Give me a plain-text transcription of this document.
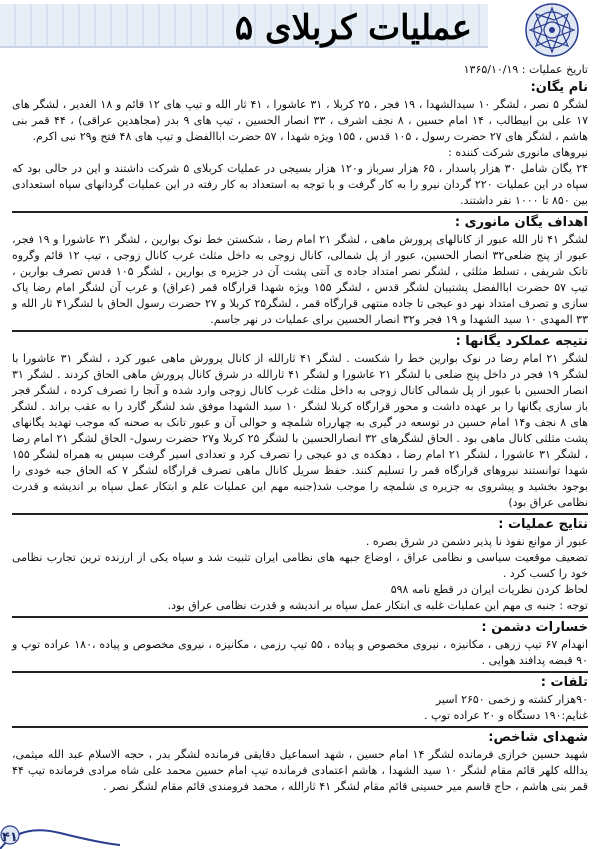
عملیات کربلای ۵
تاریخ عملیات : ۱۳۶۵/۱۰/۱۹
نام یگان:
لشگر ۵ نصر ، لشگر ۱۰ سیدالشهدا ، ۱۹ فجر ، ۲۵ کربلا ، ۳۱ عاشورا ، ۴۱ ثار الله و تیپ های ۱۲ قائم و ۱۸ الغدیر ، لشگر های ۱۷ علی بن ابیطالب ، ۱۴ امام حسین ، ۸ نجف اشرف ، ۳۳ انصار الحسین ، تیپ های ۹ بدر (مجاهدین عراقی) ، ۴۴ قمر بنی هاشم ، لشگر های ۲۷ حضرت رسول ، ۱۰۵ قدس ، ۱۵۵ ویژه شهدا ، ۵۷ حضرت اباالفضل و تیپ های ۴۸ فتح و۲۹ نبی اکرم.
نیروهای مانوری شرکت کننده :
۲۴ یگان شامل ۳۰ هزار پاسدار ، ۶۵ هزار سرباز و۱۲۰ هزار بسیجی در عملیات کربلای ۵ شرکت داشتند و این در حالی بود که سپاه در این عملیات ۲۲۰ گردان نیرو را به کار گرفت و با توجه به استعداد به کار رفته در این عملیات گردانهای سپاه استعدادی بین ۸۵۰ تا ۱۰۰۰ نفر داشتند.
اهداف یگان مانوری :
لشگر ۴۱ ثار الله عبور از کانالهای پرورش ماهی ، لشگر ۲۱ امام رضا ، شکستن خط نوک بوارین ، لشگر ۳۱ عاشورا و ۱۹ فجر، عبور از پنج ضلعی۳۲ انصار الحسین، عبور از پل شمالی، کانال زوجی به داخل مثلث غرب کانال زوجی ، تیپ ۱۲ قائم وگروه تانک شریفی ، تسلط مثلثی ، لشگر نصر امتداد جاده ی آنتی پشت آن در جزیره ی بوارین ، لشگر ۱۰۵ قدس تصرف بوارین ، تیپ ۵۷ حضرت اباالفضل پشتیبان لشگر قدس ، لشگر ۱۵۵ ویژه شهدا قرارگاه قمر (عراق) و غرب آن لشگر امام رضا پاک سازی و تصرف امتداد نهر دو عیجی تا جاده منتهی قرارگاه قمر ، لشگر۲۵ کربلا و ۲۷ حضرت رسول الحاق با لشگر۴۱ ثار الله و ۳۳ المهدی ۱۰ سید الشهدا و ۱۹ فجر و۳۲ انصار الحسین برای عملیات در نهر جاسم.
نتیجه عملکرد یگانها :
لشگر ۲۱ امام رضا در نوک بوارین خط را شکست . لشگر ۴۱ ثارالله از کانال پرورش ماهی عبور کرد ، لشگر ۳۱ عاشورا با لشگر ۱۹ فجر در داخل پنج ضلعی با لشگر ۲۱ عاشورا و لشگر ۴۱ ثارالله در شرق کانال پرورش ماهی الحاق کردند . لشگر ۳۱ انصار الحسین با عبور از پل شمالی کانال زوجی به داخل مثلث غرب کانال زوجی وارد شده و آنجا را تصرف کرده ، لشگر فجر باز سازی یگانها را بر عهده داشت و محور قرارگاه کربلا لشگر ۱۰ سید الشهدا موفق شد لشگر گارد را به عقب براند . لشگر های ۸ نجف و۱۴ امام حسین در توسعه در گیری به چهارراه شلمچه و حوالی آن و عبور تانک به صحنه که موجب تهدید یگانهای پشت مثلثی کانال ماهی بود . الحاق لشگرهای ۳۲ انصارالحسین با لشگر ۲۵ کربلا و۲۷ حضرت رسول- الحاق لشگر ۲۱ امام رضا ، لشگر ۳۱ عاشورا ، لشگر ۲۱ امام رضا ، دهکده ی دو عیجی را تصرف کرد و تعدادی اسیر گرفت سپس به همراه لشگر ۱۵۵ شهدا توانستند نیروهای قرارگاه قمر را تسلیم کنند. حفظ سریل کانال ماهی تصرف قرارگاه لشگر ۷ که الحاق جبه خودی را بوجود بخشید و پیشروی به جزیره ی شلمچه را موجب شد(جنبه مهم این عملیات علم و ابتکار عمل سپاه بر اندیشه و قدرت نظامی عراق بود)
نتایج عملیات :
عبور از موانع نفوذ نا پذیر دشمن در شرق بصره .
تضعیف موقعیت سیاسی و نظامی عراق ، اوضاع جبهه های نظامی ایران تثبیت شد و سپاه یکی از ارزنده ترین تجارب نظامی خود را کسب کرد .
لحاظ کردن نظریات ایران در قطع نامه ۵۹۸
توجه : جنبه ی مهم این عملیات غلبه ی ابتکار عمل سپاه بر اندیشه و قدرت نظامی عراق بود.
خسارات دشمن :
انهدام ۶۷ تیپ زرهی ، مکانیزه ، نیروی مخصوص و پیاده ، ۵۵ تیپ رزمی ، مکانیزه ، نیروی مخصوص و پیاده ،۱۸۰ عراده توپ و ۹۰ قبضه پدافند هوایی .
تلفات :
۹۰هزار کشته و زخمی ۲۶۵۰ اسیر
غنایم:۱۹۰ دستگاه و ۲۰ عراده توپ .
شهدای شاخص:
شهید حسین خرازی فرمانده لشگر ۱۴ امام حسین ، شهد اسماعیل دقایقی فرمانده لشگر بدر ، حجه الاسلام عبد الله میثمی، یدالله کلهر قائم مقام لشگر ۱۰ سید الشهدا ، هاشم اعتمادی فرمانده تیپ امام حسین محمد علی شاه مرادی فرمانده تیپ ۴۴ قمر بنی هاشم ، حاج قاسم میر حسینی قائم مقام لشگر ۴۱ ثارالله ، محمد فرومندی قائم مقام لشگر نصر .
۴۱
